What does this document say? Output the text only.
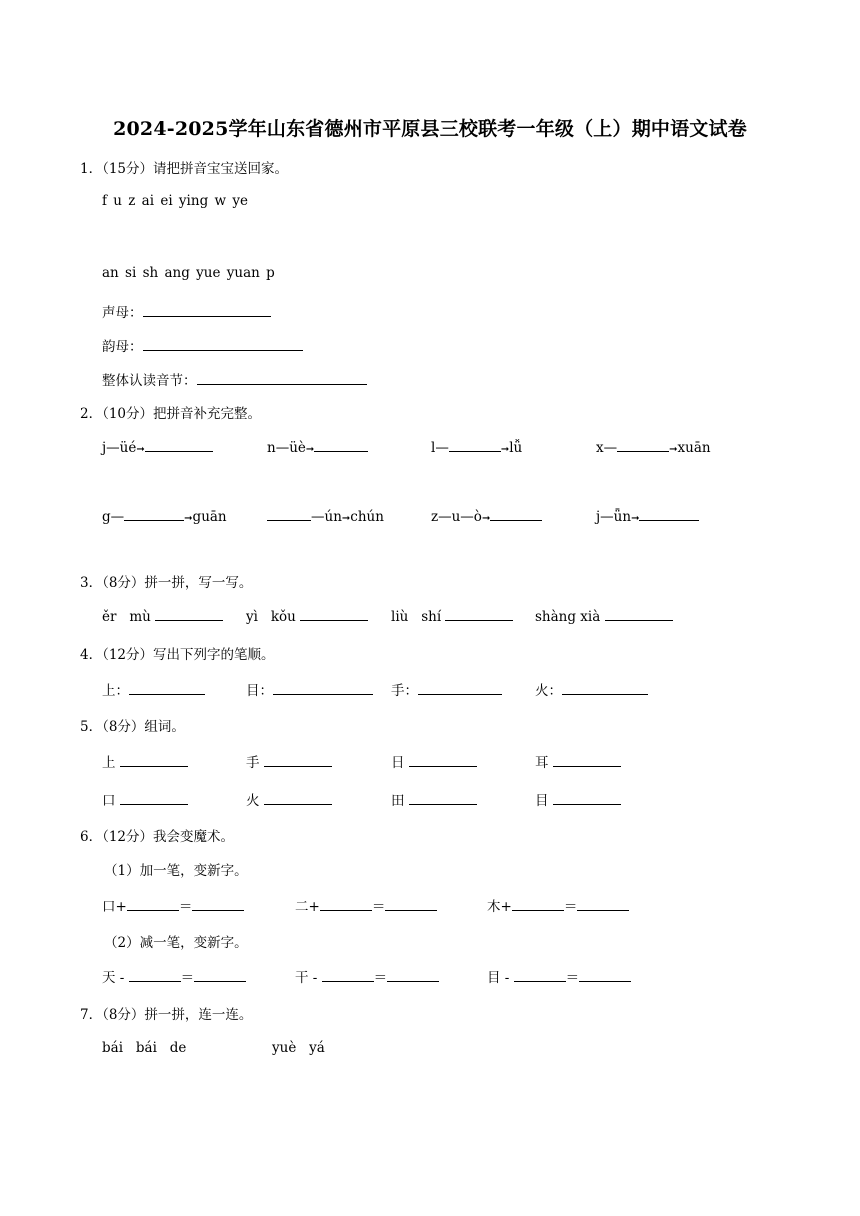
2024-2025学年山东省德州市平原县三校联考一年级（上）期中语文试卷
1．（15分）请把拼音宝宝送回家。
f u z ai ei ying w ye
an si sh ang yue yuan p
声母：
韵母：
整体认读音节：
2．（10分）把拼音补充完整。
j—üé➞	n—üè➞	l—	➞lǚ	x—	➞xuān
g—	➞guān	—ún➞chún	z—u—ò➞	j—ǖn➞
3．（8分）拼一拼，写一写。
ěr   mù	yì   kǒu	liù   shí	shàng xià
4．（12分）写出下列字的笔顺。
上：	目：	手：	火：
5．（8分）组词。
上	手	日	耳
口	火	田	目
6．（12分）我会变魔术。
（1）加一笔，变新字。
口+	＝	二+	＝	木+	＝
（2）减一笔，变新字。
天 -	＝	干 -	＝	目 -	＝
7．（8分）拼一拼，连一连。
bái   bái   de	yuè   yá
